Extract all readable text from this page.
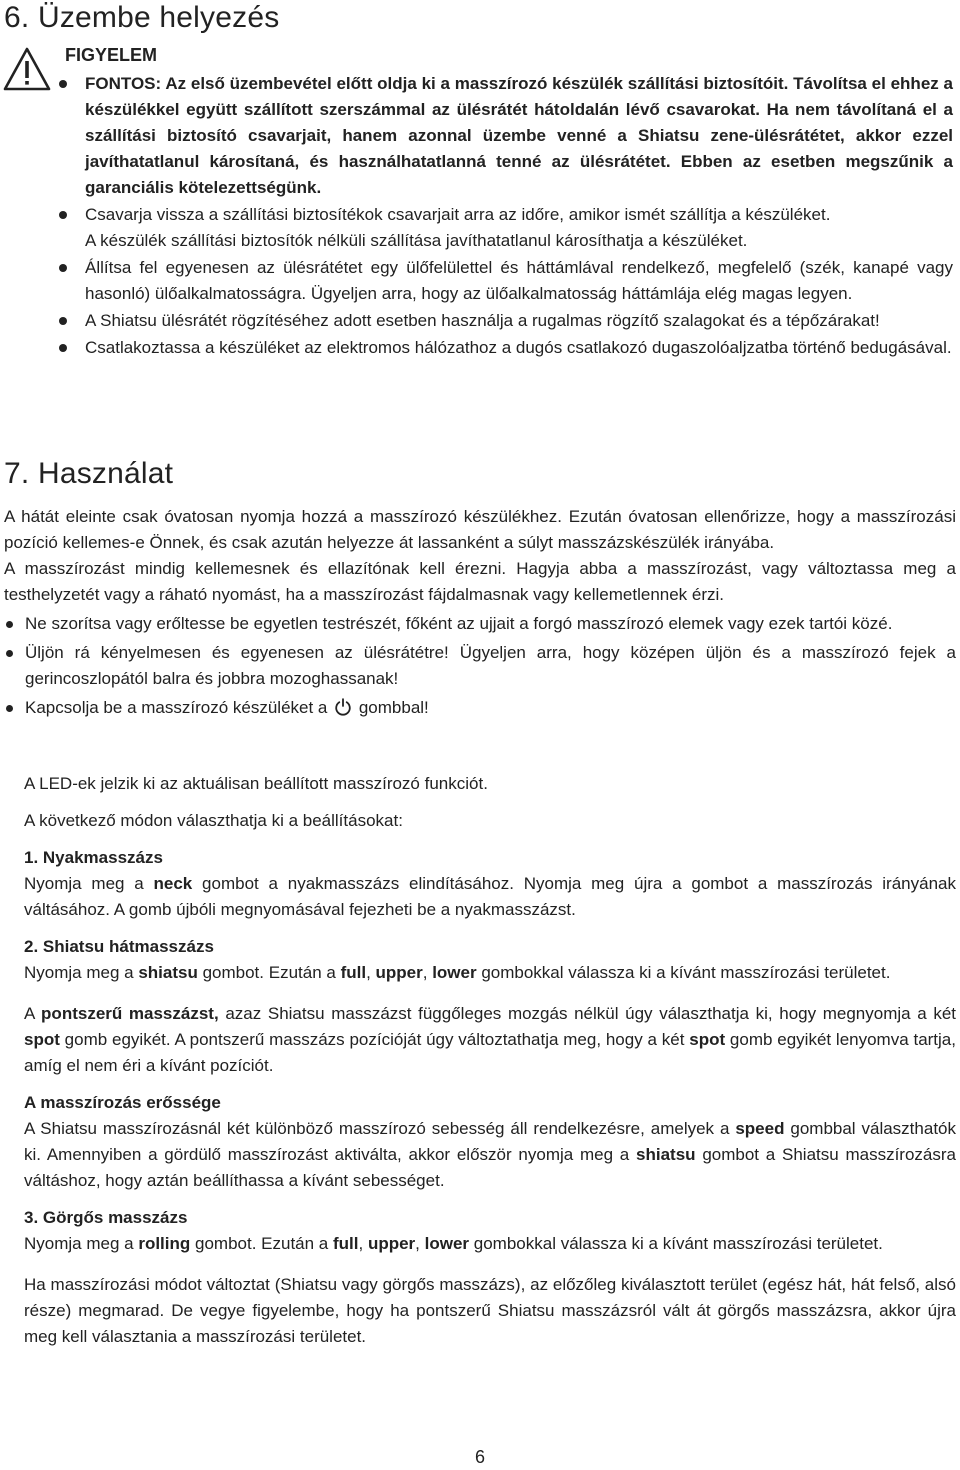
6. Üzembe helyezés
FIGYELEM
FONTOS: Az első üzembevétel előtt oldja ki a masszírozó készülék szállítási biztosítóit. Távolítsa el ehhez a készülékkel együtt szállított szerszámmal az ülésrátét hátoldalán lévő csavarokat. Ha nem távolítaná el a szállítási biztosító csavarjait, hanem azonnal üzembe venné a Shiatsu zene-ülésrátétet, akkor ezzel javíthatatlanul károsítaná, és használhatatlanná tenné az ülésrátétet. Ebben az esetben megszűnik a garanciális kötelezettségünk.

Csavarja vissza a szállítási biztosítékok csavarjait arra az időre, amikor ismét szállítja a készüléket.

A készülék szállítási biztosítók nélküli szállítása javíthatatlanul károsíthatja a készüléket.

Állítsa fel egyenesen az ülésrátétet egy ülőfelülettel és háttámlával rendelkező, megfelelő (szék, kanapé vagy hasonló) ülőalkalmatosságra. Ügyeljen arra, hogy az ülőalkalmatosság háttámlája elég magas legyen.

A Shiatsu ülésrátét rögzítéséhez adott esetben használja a rugalmas rögzítő szalagokat és a tépőzárakat!

Csatlakoztassa a készüléket az elektromos hálózathoz a dugós csatlakozó dugaszolóaljzatba történő bedugásával.

7. Használat

A hátát eleinte csak óvatosan nyomja hozzá a masszírozó készülékhez. Ezután óvatosan ellenőrizze, hogy a masszírozási pozíció kellemes-e Önnek, és csak azután helyezze át lassanként a súlyt masszázskészülék irányába.

A masszírozást mindig kellemesnek és ellazítónak kell érezni. Hagyja abba a masszírozást, vagy változtassa meg a testhelyzetét vagy a ráható nyomást, ha a masszírozást fájdalmasnak vagy kellemetlennek érzi.

Ne szorítsa vagy erőltesse be egyetlen testrészét, főként az ujjait a forgó masszírozó elemek vagy ezek tartói közé.

Üljön rá kényelmesen és egyenesen az ülésrátétre! Ügyeljen arra, hogy középen üljön és a masszírozó fejek a gerincoszlopától balra és jobbra mozoghassanak!

Kapcsolja be a masszírozó készüléket a gombbal!

A LED-ek jelzik ki az aktuálisan beállított masszírozó funkciót.

A következő módon választhatja ki a beállításokat:

1. Nyakmasszázs

Nyomja meg a neck gombot a nyakmasszázs elindításához. Nyomja meg újra a gombot a masszírozás irányának váltásához. A gomb újbóli megnyomásával fejezheti be a nyakmasszázst.

2. Shiatsu hátmasszázs

Nyomja meg a shiatsu gombot. Ezután a full, upper, lower gombokkal válassza ki a kívánt masszírozási területet.

A pontszerű masszázst, azaz Shiatsu masszázst függőleges mozgás nélkül úgy választhatja ki, hogy megnyomja a két spot gomb egyikét. A pontszerű masszázs pozícióját úgy változtathatja meg, hogy a két spot gomb egyikét lenyomva tartja, amíg el nem éri a kívánt pozíciót.

A masszírozás erőssége

A Shiatsu masszírozásnál két különböző masszírozó sebesség áll rendelkezésre, amelyek a speed gombbal választhatók ki. Amennyiben a gördülő masszírozást aktiválta, akkor először nyomja meg a shiatsu gombot a Shiatsu masszírozásra váltáshoz, hogy aztán beállíthassa a kívánt sebességet.

3. Görgős masszázs

Nyomja meg a rolling gombot. Ezután a full, upper, lower gombokkal válassza ki a kívánt masszírozási területet.

Ha masszírozási módot változtat (Shiatsu vagy görgős masszázs), az előzőleg kiválasztott terület (egész hát, hát felső, alsó része) megmarad. De vegye figyelembe, hogy ha pontszerű Shiatsu masszázsról vált át görgős masszázsra, akkor újra meg kell választania a masszírozási területet.

6
